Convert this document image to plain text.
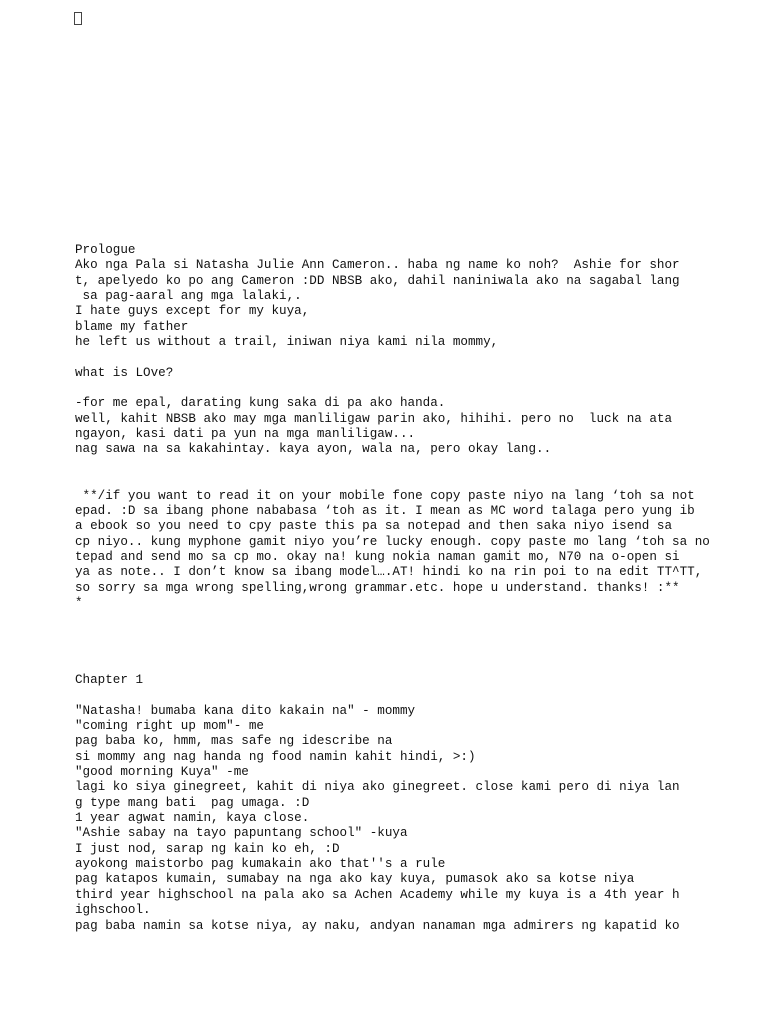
Prologue
Ako nga Pala si Natasha Julie Ann Cameron.. haba ng name ko noh?  Ashie for shor
t, apelyedo ko po ang Cameron :DD NBSB ako, dahil naniniwala ako na sagabal lang
sa pag-aaral ang mga lalaki,.
I hate guys except for my kuya,
blame my father
he left us without a trail, iniwan niya kami nila mommy,

what is LOve?

-for me epal, darating kung saka di pa ako handa.
well, kahit NBSB ako may mga manliligaw parin ako, hihihi. pero no  luck na ata
ngayon, kasi dati pa yun na mga manliligaw...
nag sawa na sa kakahintay. kaya ayon, wala na, pero okay lang..

**/if you want to read it on your mobile fone copy paste niyo na lang ‘toh sa not
epad. :D sa ibang phone nababasa ‘toh as it. I mean as MC word talaga pero yung ib
a ebook so you need to cpy paste this pa sa notepad and then saka niyo isend sa
cp niyo.. kung myphone gamit niyo you’re lucky enough. copy paste mo lang ‘toh sa no
tepad and send mo sa cp mo. okay na! kung nokia naman gamit mo, N70 na o-open si
ya as note.. I don’t know sa ibang model….AT! hindi ko na rin poi to na edit TT^TT,
so sorry sa mga wrong spelling,wrong grammar.etc. hope u understand. thanks! :**
*
Chapter 1

"Natasha! bumaba kana dito kakain na" - mommy
"coming right up mom"- me
pag baba ko, hmm, mas safe ng idescribe na
si mommy ang nag handa ng food namin kahit hindi, >:)
"good morning Kuya" -me
lagi ko siya ginegreet, kahit di niya ako ginegreet. close kami pero di niya lan
g type mang bati  pag umaga. :D
1 year agwat namin, kaya close.
"Ashie sabay na tayo papuntang school" -kuya
I just nod, sarap ng kain ko eh, :D
ayokong maistorbo pag kumakain ako that''s a rule
pag katapos kumain, sumabay na nga ako kay kuya, pumasok ako sa kotse niya
third year highschool na pala ako sa Achen Academy while my kuya is a 4th year h
ighschool.
pag baba namin sa kotse niya, ay naku, andyan nanaman mga admirers ng kapatid ko
